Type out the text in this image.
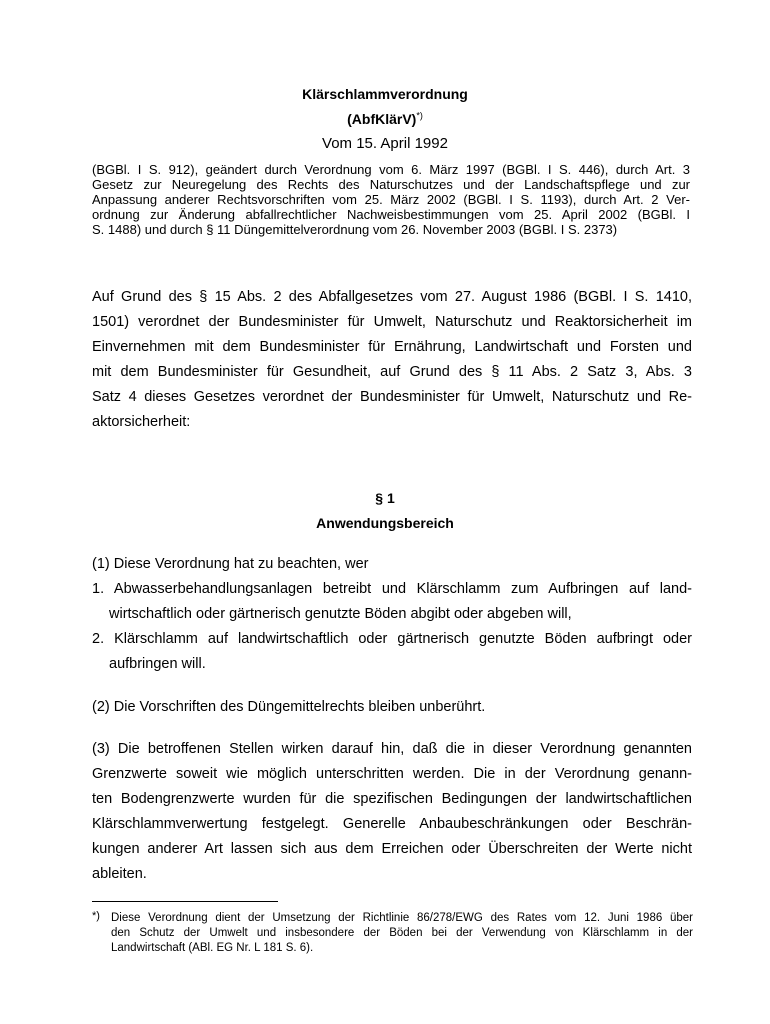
Klärschlammverordnung
(AbfKlärV)*)
Vom 15. April 1992
(BGBl. I S. 912), geändert durch Verordnung vom 6. März 1997 (BGBl. I S. 446), durch Art. 3
Gesetz zur Neuregelung des Rechts des Naturschutzes und der Landschaftspflege und zur
Anpassung anderer Rechtsvorschriften vom 25. März 2002 (BGBl. I S. 1193), durch Art. 2 Ver-
ordnung zur Änderung abfallrechtlicher Nachweisbestimmungen vom 25. April 2002 (BGBl. I
S. 1488) und durch § 11 Düngemittelverordnung vom 26. November 2003 (BGBl. I S. 2373)
Auf Grund des § 15 Abs. 2 des Abfallgesetzes vom 27. August 1986 (BGBl. I S. 1410,
1501) verordnet der Bundesminister für Umwelt, Naturschutz und Reaktorsicherheit im
Einvernehmen mit dem Bundesminister für Ernährung, Landwirtschaft und Forsten und
mit dem Bundesminister für Gesundheit, auf Grund des § 11 Abs. 2 Satz 3, Abs. 3
Satz 4 dieses Gesetzes verordnet der Bundesminister für Umwelt, Naturschutz und Re-
aktorsicherheit:
§ 1
Anwendungsbereich
(1) Diese Verordnung hat zu beachten, wer
1. Abwasserbehandlungsanlagen betreibt und Klärschlamm zum Aufbringen auf land-
wirtschaftlich oder gärtnerisch genutzte Böden abgibt oder abgeben will,
2. Klärschlamm auf landwirtschaftlich oder gärtnerisch genutzte Böden aufbringt oder
aufbringen will.
(2) Die Vorschriften des Düngemittelrechts bleiben unberührt.
(3) Die betroffenen Stellen wirken darauf hin, daß die in dieser Verordnung genannten
Grenzwerte soweit wie möglich unterschritten werden. Die in der Verordnung genann-
ten Bodengrenzwerte wurden für die spezifischen Bedingungen der landwirtschaftlichen
Klärschlammverwertung festgelegt. Generelle Anbaubeschränkungen oder Beschrän-
kungen anderer Art lassen sich aus dem Erreichen oder Überschreiten der Werte nicht
ableiten.
*) Diese Verordnung dient der Umsetzung der Richtlinie 86/278/EWG des Rates vom 12. Juni 1986 über
den Schutz der Umwelt und insbesondere der Böden bei der Verwendung von Klärschlamm in der
Landwirtschaft (ABl. EG Nr. L 181 S. 6).
